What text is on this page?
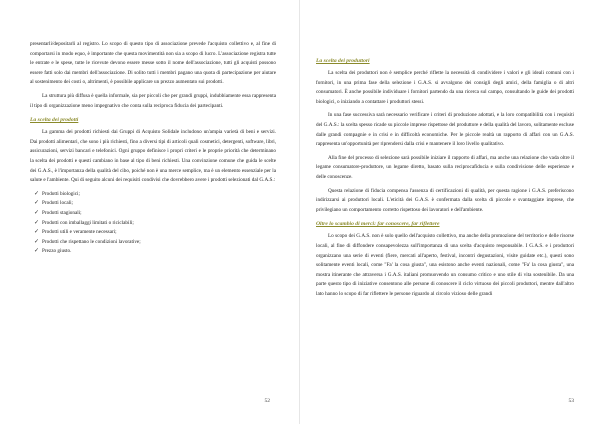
presentarli/depositarli al registro. Lo scopo di questo tipo di associazione prevede l'acquisto collettivo e, al fine di comportarsi in modo equo, è importante che questa movimentità non sia a scopo di lucro. L'associazione registra tutte le entrate e le spese, tutte le ricevute devono essere messe sotto il nome dell'associazione, tutti gli acquisti possono essere fatti solo dai membri dell'associazione. Di solito tutti i membri pagano una quota di partecipazione per aiutare al sostenimento dei costi o, altrimenti, è possibile applicare un prezzo aumentato sui prodotti.

La struttura più diffusa è quella informale, sia per piccoli che per grandi gruppi, indubbiamente essa rappresenta il tipo di organizzazione meno impegnativo che conta sulla reciproca fiducia dei partecipanti.

La scelta dei prodotti

La gamma dei prodotti richiesti dai Gruppi di Acquisto Solidale includono un'ampia varietà di beni e servizi. Dai prodotti alimentari, che sono i più richiesti, fino a diversi tipi di articoli quali cosmetici, detergenti, software, libri, assicurazioni, servizi bancari e telefonici. Ogni gruppo definisce i propri criteri e le proprie priorità che determinano la scelta dei prodotti e questi cambiano in base al tipo di beni richiesti. Una convinzione comune che guida le scelte dei G.A.S., è l'importanza della qualità del cibo, poiché non è una merce semplice, ma è un elemento essenziale per la salute e l'ambiente. Qui di seguito alcuni dei requisiti condivisi che dovrebbero avere i prodotti selezionati dal G.A.S.:

✓ Prodotti biologici;
✓ Prodotti locali;
✓ Prodotti stagionali;
✓ Prodotti con imballaggi limitati o riciclabili;
✓ Prodotti utili e veramente necessari;
✓ Prodotti che rispettano le condizioni lavorative;
✓ Prezzo giusto.
52
La scelta dei produttori

La scelta dei produttori non è semplice perché riflette la necessità di condividere i valori e gli ideali comuni con i fornitori, in una prima fase della selezione i G.A.S. si avvalgono dei consigli degli amici, della famiglia o di altri consumatori. È anche possibile individuare i fornitori partendo da una ricerca sul campo, consultando le guide dei prodotti biologici, o iniziando a contattare i produttori stessi.

In una fase successiva sarà necessario verificare i criteri di produzione adottati, e la loro compatibilità con i requisiti del G.A.S.: la scelta spesso ricade su piccole imprese rispettose del produttore e della qualità del lavoro, solitamente escluse dalle grandi compagnie e in crisi e in difficoltà economiche. Per le piccole realtà un rapporto di affari con un G.A.S. rappresenta un'opportunità per riprendersi dalla crisi e mantenere il loro livello qualitativo.

Alla fine del processo di selezione sarà possibile iniziare il rapporto di affari, ma anche una relazione che vada oltre il legame consumatore-produttore, un legame diretto, basato sulla reciprocafiducia e sulla condivisione delle esperienze e delle conoscenze.

Questa relazione di fiducia compensa l'assenza di certificazioni di qualità, per questa ragione i G.A.S. preferiscono indirizzarsi ai produttori locali. L'eticità dei G.A.S. è confermata dalla scelta di piccole e svantaggiate imprese, che privilegiano un comportamento corretto rispettoso dei lavoratori e dell'ambiente.

Oltre lo scambio di merci: far conoscere, far riflettere

Lo scopo dei G.A.S. non è solo quello dell'acquisto collettivo, ma anche della promozione del territorio e delle risorse locali, al fine di diffondere consapevolezza sull'importanza di una scelta d'acquisto responsabile. I G.A.S. e i produttori organizzano una serie di eventi (fiere, mercati all'aperto, festival, incontri degustazioni, visite guidate etc.), questi sono solitamente eventi locali, come "Fa' la cosa giusta", una esistono anche eventi nazionali, come "Fa' la cosa giusta", una mostra itinerante che attraversa i G.A.S. italiani promuovendo un consumo critico e uno stile di vita sostenibile. Da una parte questo tipo di iniziative consentono alle persone di conoscere il ciclo virtuoso dei piccoli produttori, mentre dall'altro lato hanno lo scopo di far riflettere le persone riguardo al circolo vizioso delle grandi

53
